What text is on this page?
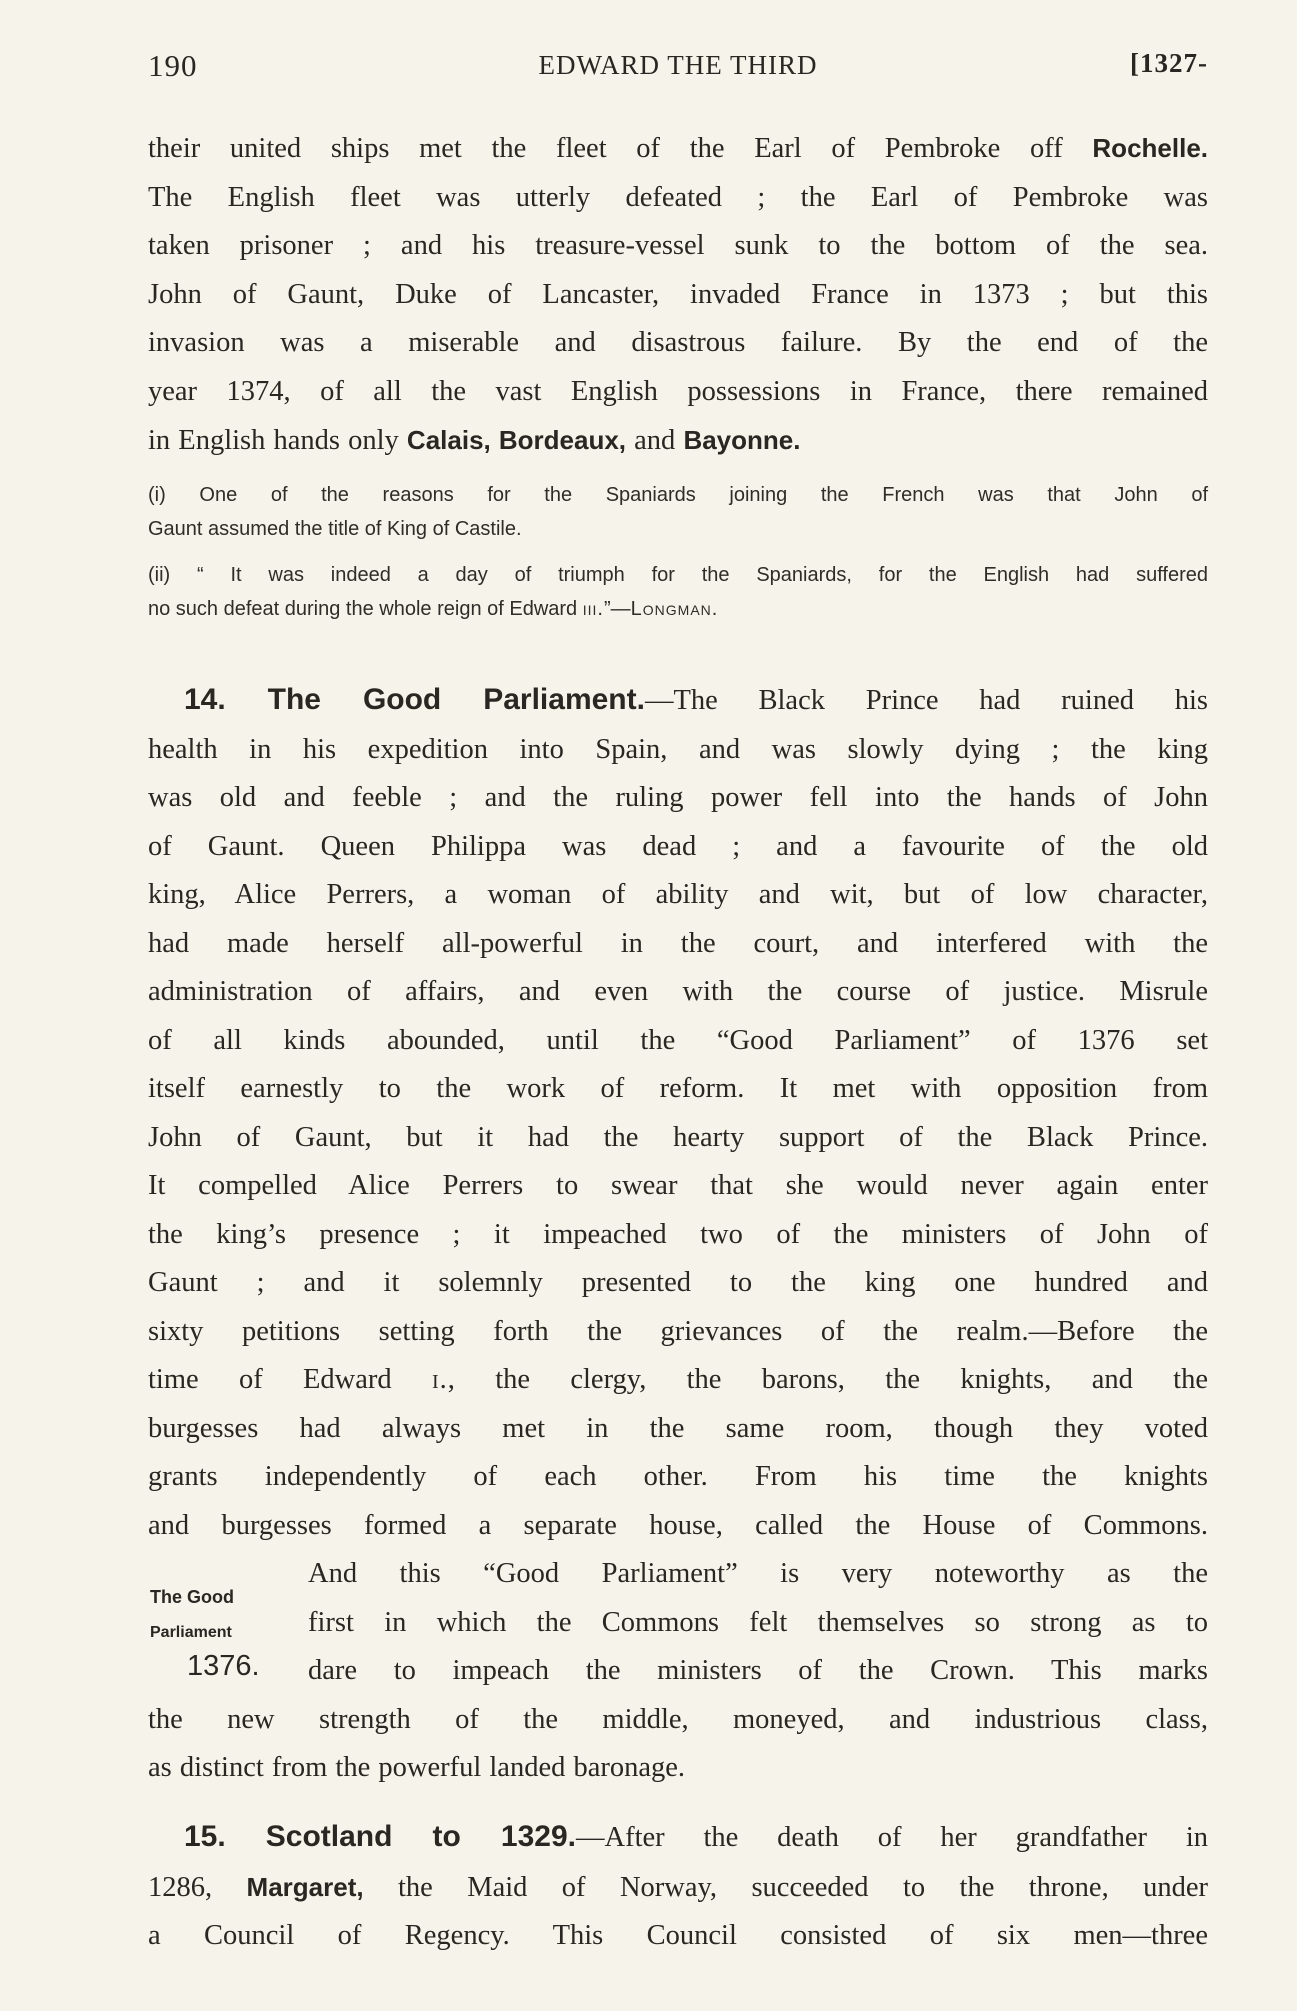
190	EDWARD THE THIRD	[1327-

their united ships met the fleet of the Earl of Pembroke off Rochelle.

The English fleet was utterly defeated ; the Earl of Pembroke was

taken prisoner ; and his treasure-vessel sunk to the bottom of the sea.

John of Gaunt, Duke of Lancaster, invaded France in 1373 ; but this

invasion was a miserable and disastrous failure. By the end of the

year 1374, of all the vast English possessions in France, there remained

in English hands only Calais, Bordeaux, and Bayonne.

(i) One of the reasons for the Spaniards joining the French was that John of

Gaunt assumed the title of King of Castile.

(ii) “ It was indeed a day of triumph for the Spaniards, for the English had suffered

no such defeat during the whole reign of Edward iii.”—Longman.

14. The Good Parliament.—The Black Prince had ruined his

health in his expedition into Spain, and was slowly dying ; the king

was old and feeble ; and the ruling power fell into the hands of John

of Gaunt. Queen Philippa was dead ; and a favourite of the old

king, Alice Perrers, a woman of ability and wit, but of low character,

had made herself all-powerful in the court, and interfered with the

administration of affairs, and even with the course of justice. Misrule

of all kinds abounded, until the “Good Parliament” of 1376 set

itself earnestly to the work of reform. It met with opposition from

John of Gaunt, but it had the hearty support of the Black Prince.

It compelled Alice Perrers to swear that she would never again enter

the king’s presence ; it impeached two of the ministers of John of

Gaunt ; and it solemnly presented to the king one hundred and

sixty petitions setting forth the grievances of the realm.—Before the

time of Edward i., the clergy, the barons, the knights, and the

burgesses had always met in the same room, though they voted

grants independently of each other. From his time the knights

and burgesses formed a separate house, called the House of Commons.

And this “Good Parliament” is very noteworthy as the

first in which the Commons felt themselves so strong as to

dare to impeach the ministers of the Crown. This marks

the new strength of the middle, moneyed, and industrious class,

as distinct from the powerful landed baronage.

The Good
Parliament
1376.

15. Scotland to 1329.—After the death of her grandfather in

1286, Margaret, the Maid of Norway, succeeded to the throne, under

a Council of Regency. This Council consisted of six men—three
